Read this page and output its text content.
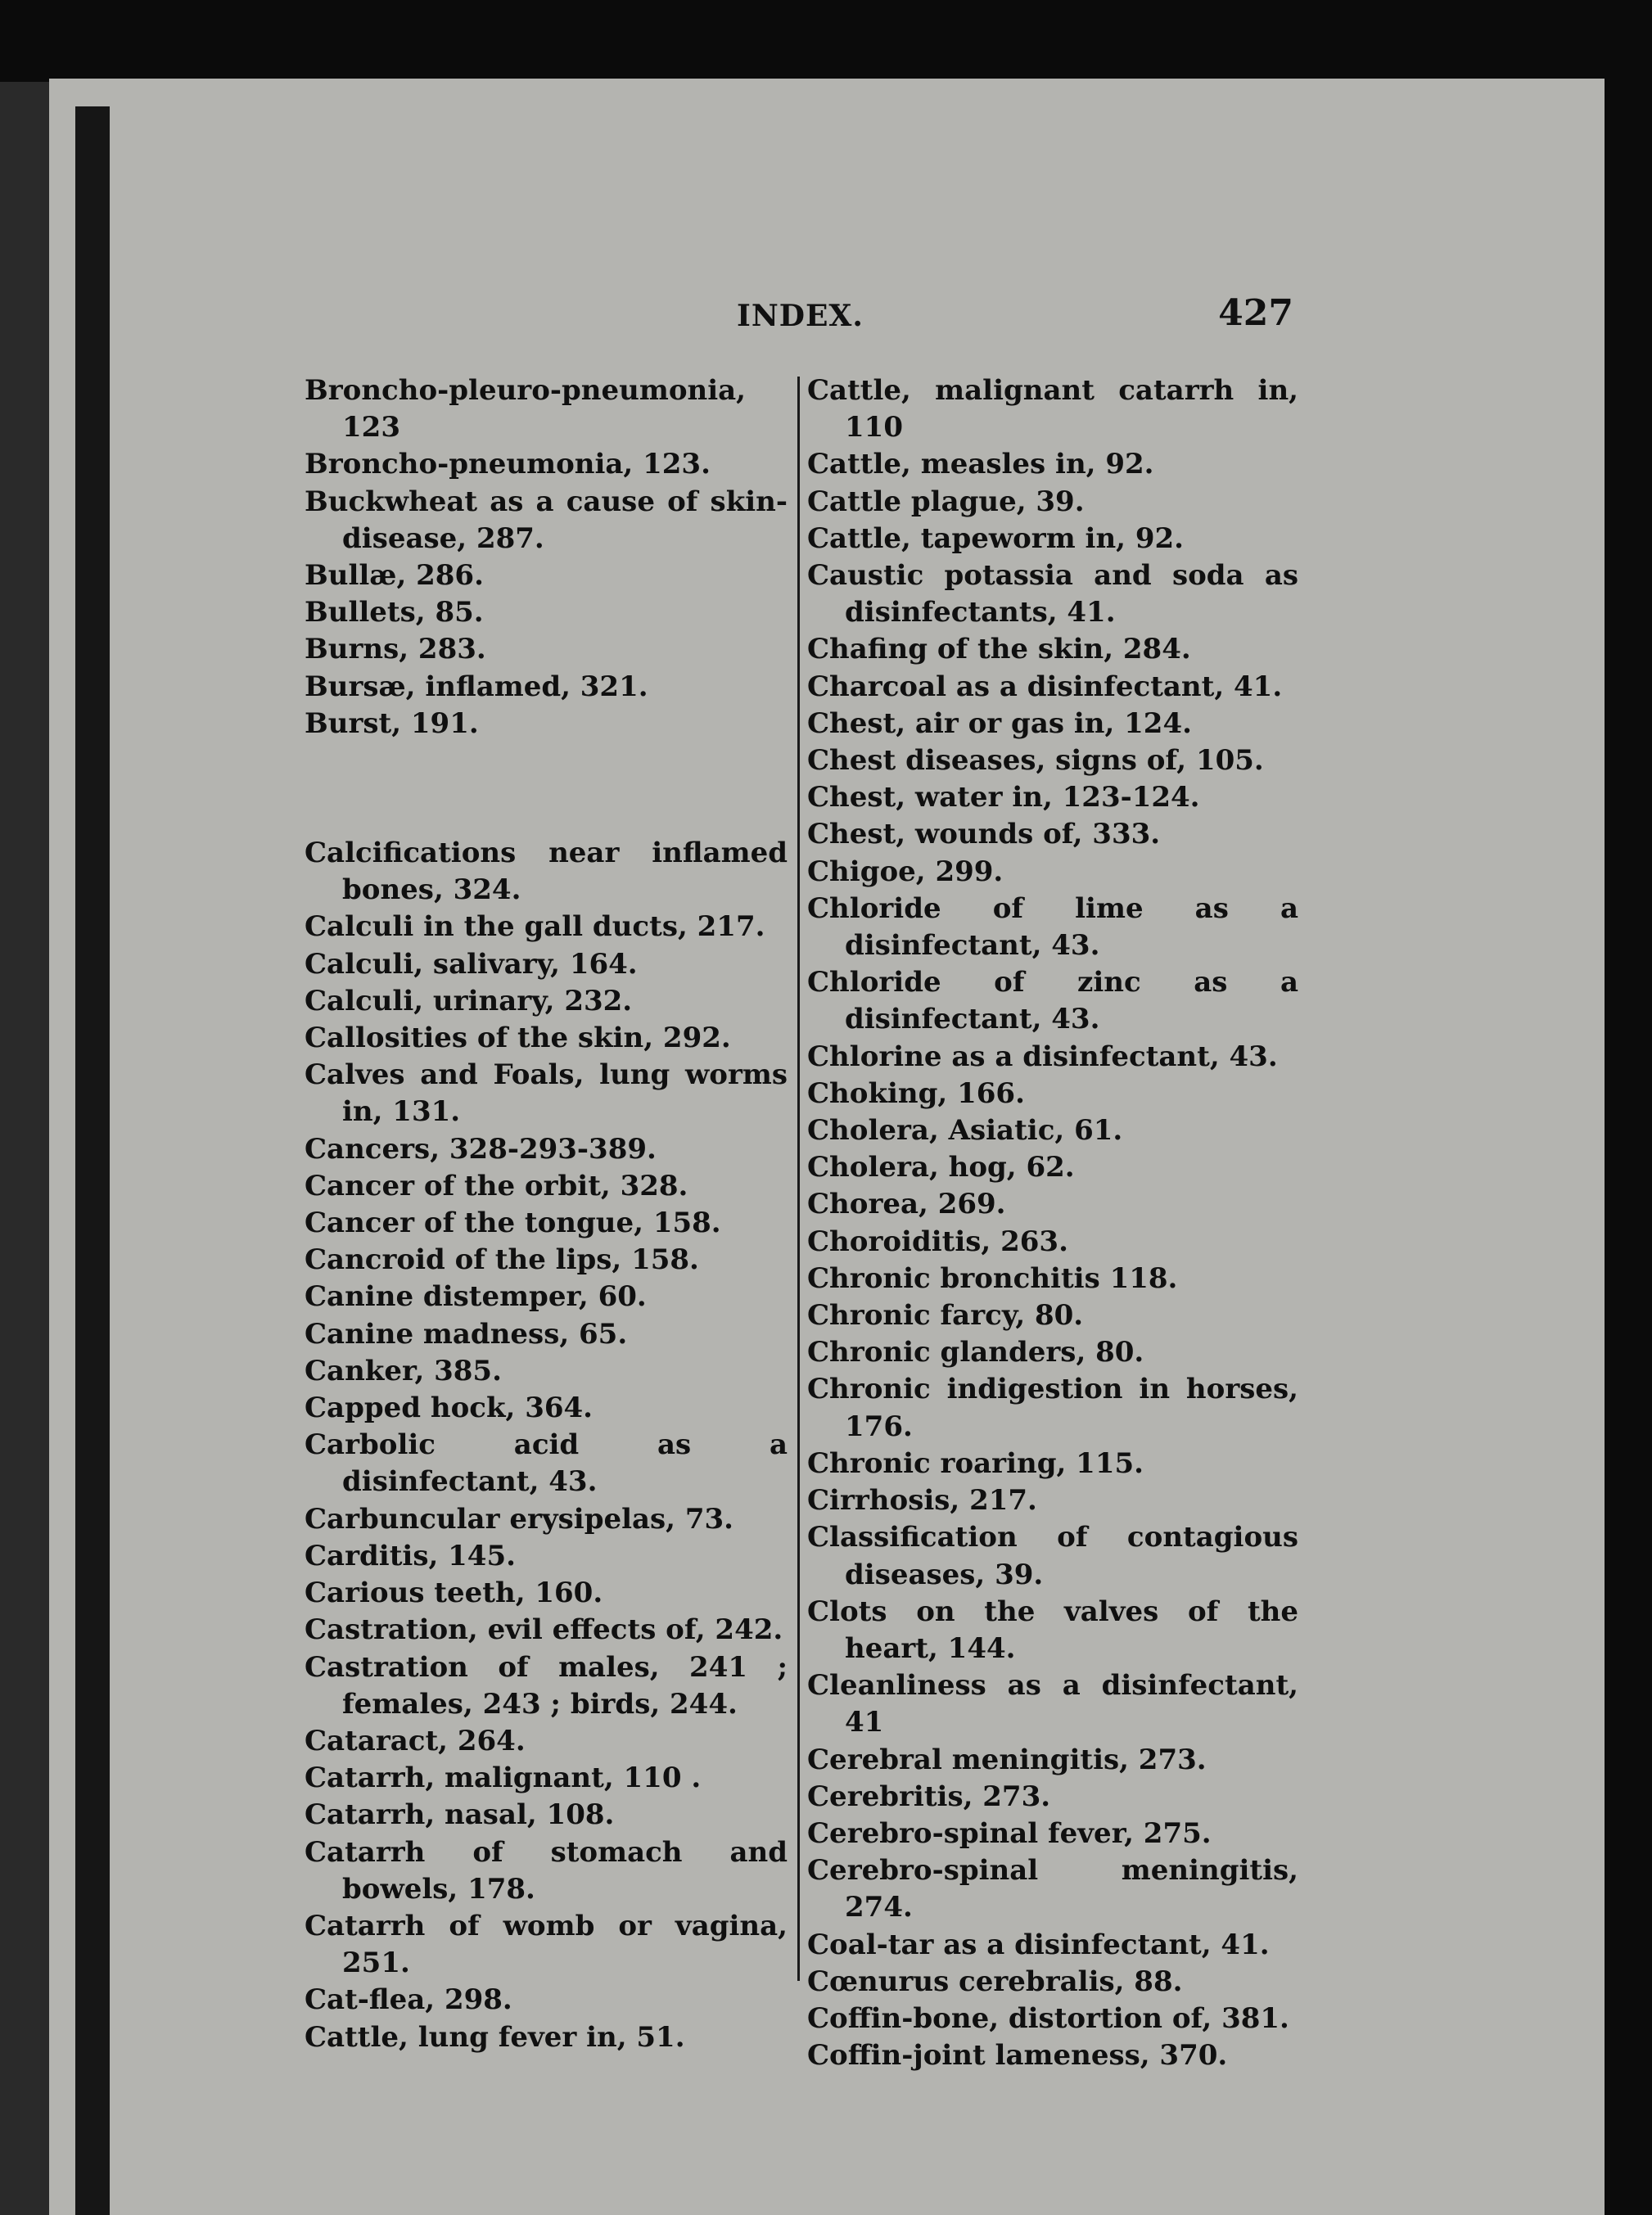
INDEX.	427

Broncho-pleuro-pneumonia, 123

Broncho-pneumonia, 123.

Buckwheat as a cause of skin-disease, 287.

Bullæ, 286.

Bullets, 85.

Burns, 283.

Bursæ, inflamed, 321.

Burst, 191.

Calcifications near inflamed bones, 324.

Calculi in the gall ducts, 217.

Calculi, salivary, 164.

Calculi, urinary, 232.

Callosities of the skin, 292.

Calves and Foals, lung worms in, 131.

Cancers, 328-293-389.

Cancer of the orbit, 328.

Cancer of the tongue, 158.

Cancroid of the lips, 158.

Canine distemper, 60.

Canine madness, 65.

Canker, 385.

Capped hock, 364.

Carbolic acid as a disinfectant, 43.

Carbuncular erysipelas, 73.

Carditis, 145.

Carious teeth, 160.

Castration, evil effects of, 242.

Castration of males, 241 ; females, 243 ; birds, 244.

Cataract, 264.

Catarrh, malignant, 110 .

Catarrh, nasal, 108.

Catarrh of stomach and bowels, 178.

Catarrh of womb or vagina, 251.

Cat-flea, 298.

Cattle, lung fever in, 51.

Cattle, malignant catarrh in, 110

Cattle, measles in, 92.

Cattle plague, 39.

Cattle, tapeworm in, 92.

Caustic potassia and soda as disinfectants, 41.

Chafing of the skin, 284.

Charcoal as a disinfectant, 41.

Chest, air or gas in, 124.

Chest diseases, signs of, 105.

Chest, water in, 123-124.

Chest, wounds of, 333.

Chigoe, 299.

Chloride of lime as a disinfectant, 43.

Chloride of zinc as a disinfectant, 43.

Chlorine as a disinfectant, 43.

Choking, 166.

Cholera, Asiatic, 61.

Cholera, hog, 62.

Chorea, 269.

Choroiditis, 263.

Chronic bronchitis 118.

Chronic farcy, 80.

Chronic glanders, 80.

Chronic indigestion in horses, 176.

Chronic roaring, 115.

Cirrhosis, 217.

Classification of contagious diseases, 39.

Clots on the valves of the heart, 144.

Cleanliness as a disinfectant, 41

Cerebral meningitis, 273.

Cerebritis, 273.

Cerebro-spinal fever, 275.

Cerebro-spinal meningitis, 274.

Coal-tar as a disinfectant, 41.

Cœnurus cerebralis, 88.

Coffin-bone, distortion of, 381.

Coffin-joint lameness, 370.
